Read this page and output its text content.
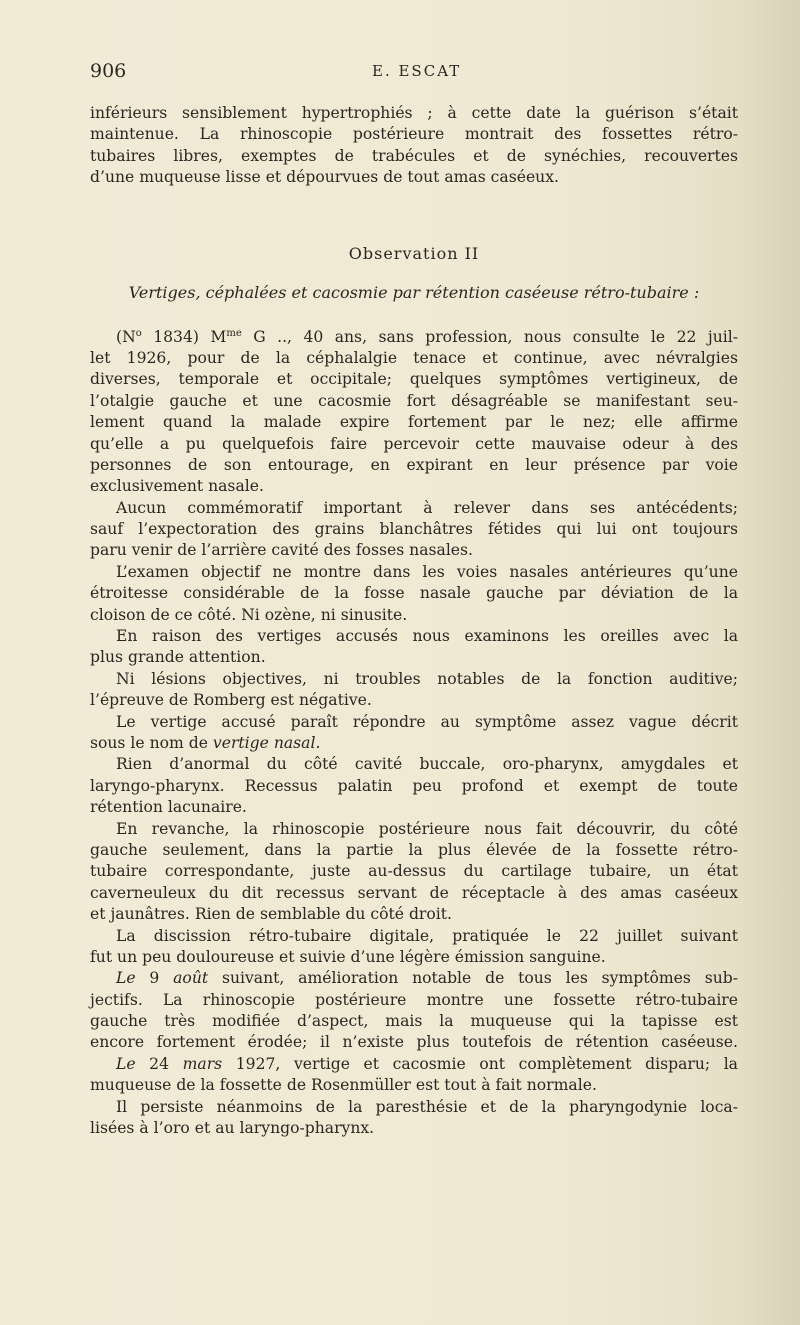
906	E. ESCAT
inférieurs sensiblement hypertrophiés ; à cette date la guérison s’était
maintenue. La rhinoscopie postérieure montrait des fossettes rétro-
tubaires libres, exemptes de trabécules et de synéchies, recouvertes
d’une muqueuse lisse et dépourvues de tout amas caséeux.
Observation II
Vertiges, céphalées et cacosmie par rétention caséeuse rétro-tubaire :
($N^o$ 1834) $M^{me}$ G .., 40 ans, sans profession, nous consulte le 22 juil-
let 1926, pour de la céphalalgie tenace et continue, avec névralgies
diverses, temporale et occipitale; quelques symptômes vertigineux, de
l’otalgie gauche et une cacosmie fort désagréable se manifestant seu-
lement quand la malade expire fortement par le nez; elle affirme
qu’elle a pu quelquefois faire percevoir cette mauvaise odeur à des
personnes de son entourage, en expirant en leur présence par voie
exclusivement nasale.
Aucun commémoratif important à relever dans ses antécédents;
sauf l’expectoration des grains blanchâtres fétides qui lui ont toujours
paru venir de l’arrière cavité des fosses nasales.
L’examen objectif ne montre dans les voies nasales antérieures qu’une
étroitesse considérable de la fosse nasale gauche par déviation de la
cloison de ce côté. Ni ozène, ni sinusite.
En raison des vertiges accusés nous examinons les oreilles avec la
plus grande attention.
Ni lésions objectives, ni troubles notables de la fonction auditive;
l’épreuve de Romberg est négative.
Le vertige accusé paraît répondre au symptôme assez vague décrit
sous le nom de vertige nasal.
Rien d’anormal du côté cavité buccale, oro-pharynx, amygdales et
laryngo-pharynx. Recessus palatin peu profond et exempt de toute
rétention lacunaire.
En revanche, la rhinoscopie postérieure nous fait découvrir, du côté
gauche seulement, dans la partie la plus élevée de la fossette rétro-
tubaire correspondante, juste au-dessus du cartilage tubaire, un état
caverneuleux du dit recessus servant de réceptacle à des amas caséeux
et jaunâtres. Rien de semblable du côté droit.
La discission rétro-tubaire digitale, pratiquée le 22 juillet suivant
fut un peu douloureuse et suivie d’une légère émission sanguine.
Le 9 août suivant, amélioration notable de tous les symptômes sub-
jectifs. La rhinoscopie postérieure montre une fossette rétro-tubaire
gauche très modifiée d’aspect, mais la muqueuse qui la tapisse est
encore fortement érodée; il n’existe plus toutefois de rétention caséeuse.
Le 24 mars 1927, vertige et cacosmie ont complètement disparu; la
muqueuse de la fossette de Rosenmüller est tout à fait normale.
Il persiste néanmoins de la paresthésie et de la pharyngodynie loca-
lisées à l’oro et au laryngo-pharynx.
